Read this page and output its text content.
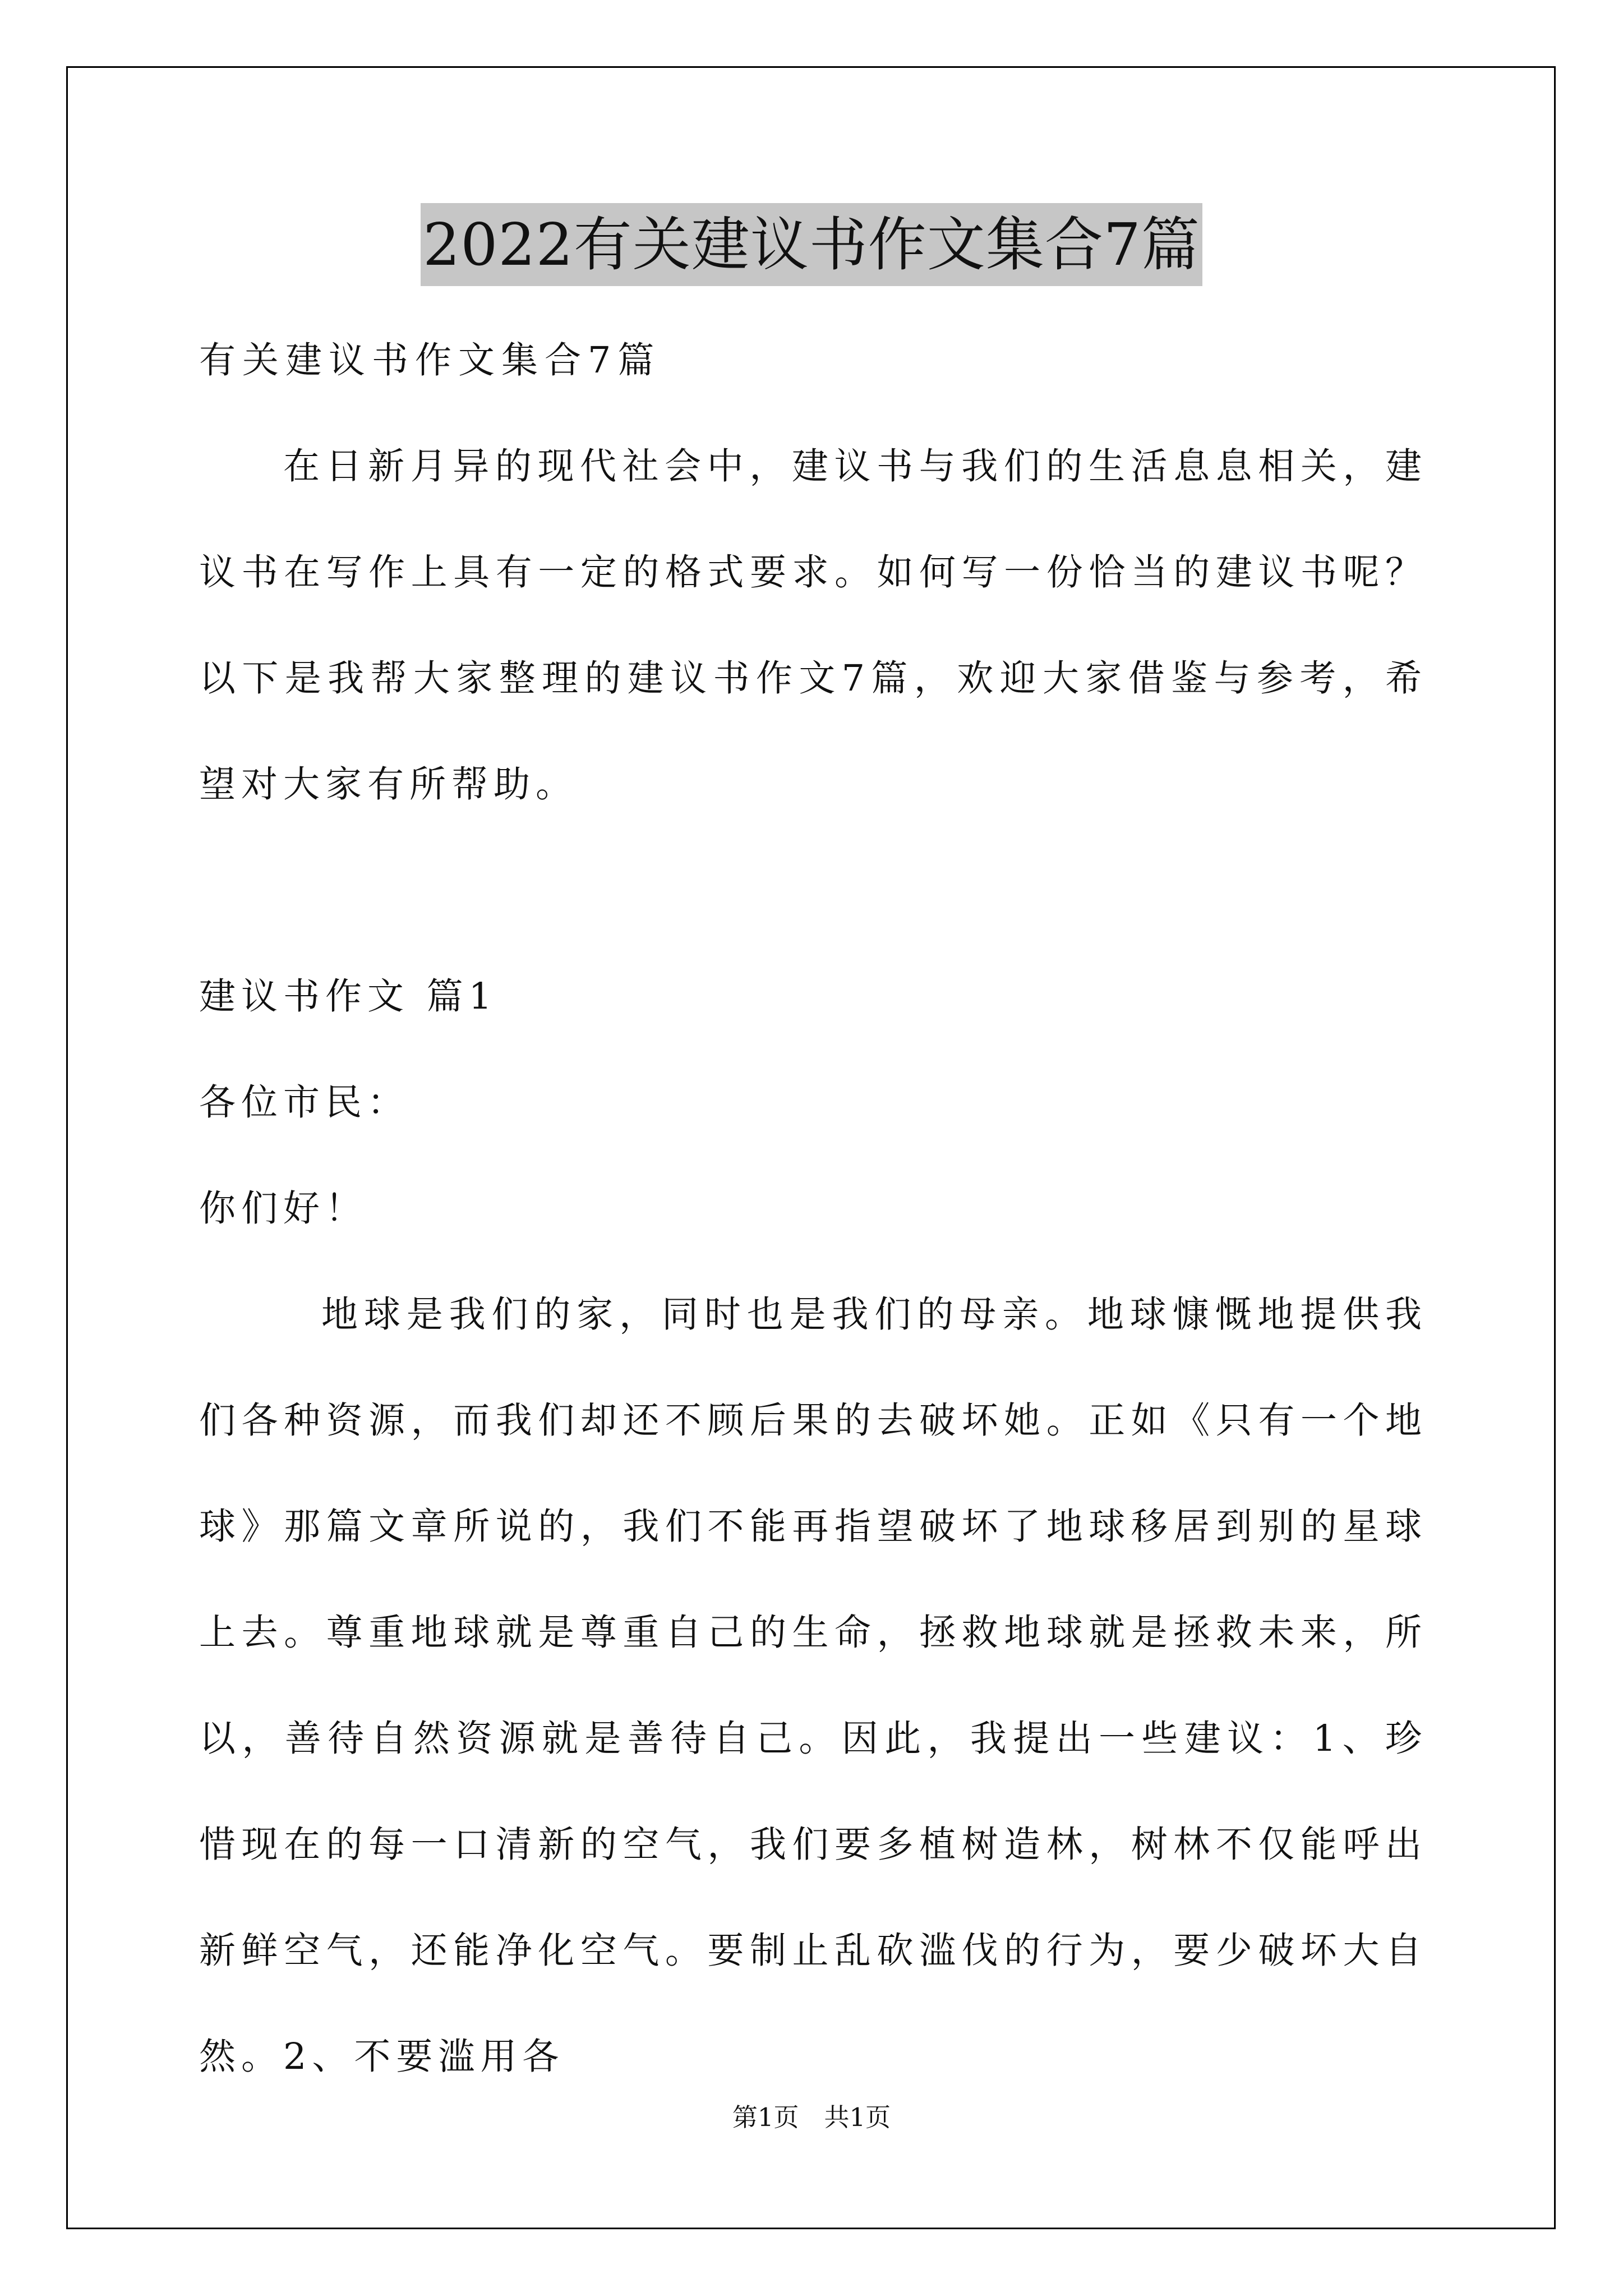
2022有关建议书作文集合7篇

有关建议书作文集合7篇

在日新月异的现代社会中，建议书与我们的生活息息相关，建议书在写作上具有一定的格式要求。如何写一份恰当的建议书呢？以下是我帮大家整理的建议书作文7篇，欢迎大家借鉴与参考，希望对大家有所帮助。

建议书作文 篇1

各位市民：

你们好！

地球是我们的家，同时也是我们的母亲。地球慷慨地提供我们各种资源，而我们却还不顾后果的去破坏她。正如《只有一个地球》那篇文章所说的，我们不能再指望破坏了地球移居到别的星球上去。尊重地球就是尊重自己的生命，拯救地球就是拯救未来，所以，善待自然资源就是善待自己。因此，我提出一些建议：1、珍惜现在的每一口清新的空气，我们要多植树造林，树林不仅能呼出新鲜空气，还能净化空气。要制止乱砍滥伐的行为，要少破坏大自然。2、不要滥用各

第1页　共1页
